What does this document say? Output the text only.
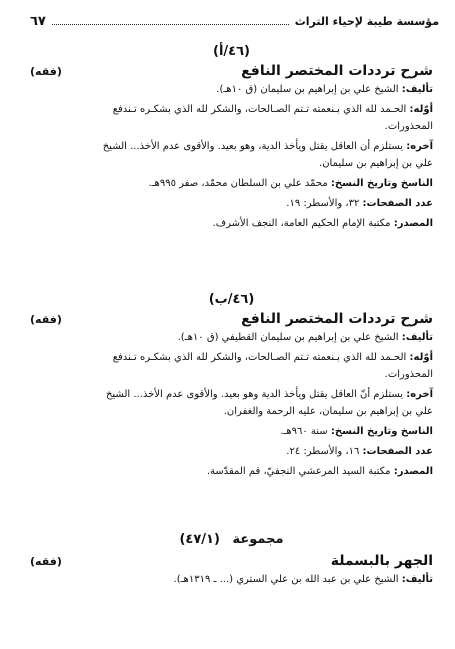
مؤسسة طيبة لإحياء التراث
٦٧
(٤٦/أ)
شرح ترددات المختصر النافع
(فقه)

تأليف: الشيخ علي بن إبراهيم بن سليمان (ق ١٠هـ).

أوّله: الحـمد لله الذي بـنعمته تـتم الصـالحات، والشكر لله الذي بشكـره تـندفع

المحذورات.

آخره: يستلزم أن العاقل يقتل ويأخذ الدية، وهو بعيد. والأقوى عدم الأخذ... الشيخ

علي بن إبراهيم بن سليمان.

الناسخ وتاريخ النسخ: محمّد علي بن السلطان محمّد، صفر ٩٩٥هـ.

عدد الصفحات: ٣٢، والأسطر: ١٩.

المصدر: مكتبة الإمام الحكيم العامة، النجف الأشرف.

(٤٦/ب)
شرح ترددات المختصر النافع
(فقه)

تأليف: الشيخ علي بن إبراهيم بن سليمان القطيفي (ق ١٠هـ).

أوّله: الحـمد لله الذي بـنعمته تـتم الصـالحات، والشكر لله الذي بشكـره تـندفع

المحذورات.

آخره: يستلزم أنّ العاقل يقتل ويأخذ الدية وهو بعيد. والأقوى عدم الأخذ... الشيخ

علي بن إبراهيم بن سليمان، عليه الرحمة والغفران.

الناسخ وتاريخ النسخ: سنة ٩٦٠هـ.

عدد الصفحات: ١٦، والأسطر: ٢٤.

المصدر: مكتبة السيد المرعشي النجفيّ، قم المقدّسة.

مجموعة (٤٧/١)
الجهر بالبسملة
(فقه)

تأليف: الشيخ علي بن عبد الله بن علي الستري (... ـ ١٣١٩هـ).
